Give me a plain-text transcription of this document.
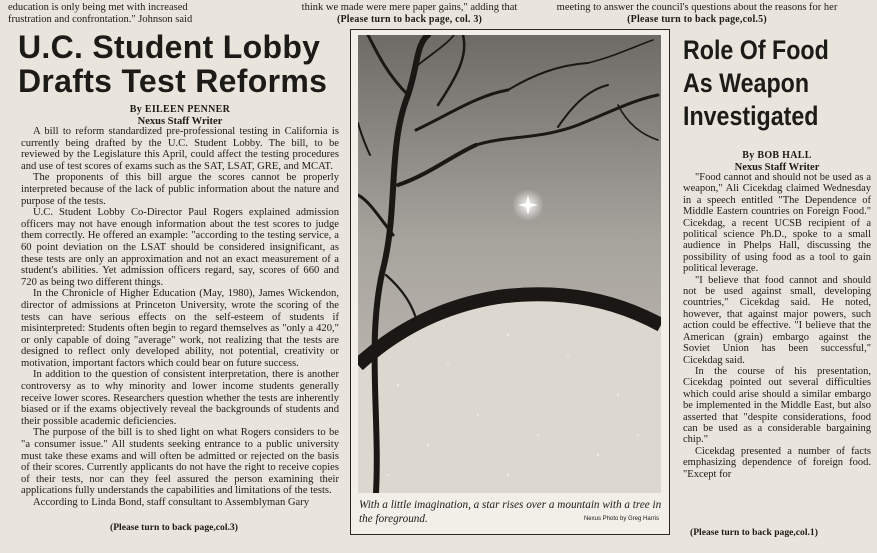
education is only being met with increased
frustration and confrontation." Johnson said
think we made were mere paper gains," adding that
(Please turn to back page, col. 3)
meeting to answer the council's questions about the reasons for her
(Please turn to back page,col.5)
U.C. Student Lobby
Drafts Test Reforms
By EILEEN PENNER
Nexus Staff Writer

A bill to reform standardized pre-professional testing in California is currently being drafted by the U.C. Student Lobby. The bill, to be reviewed by the Legislature this April, could affect the testing procedures and use of test scores of exams such as the SAT, LSAT, GRE, and MCAT.

The proponents of this bill argue the scores cannot be properly interpreted because of the lack of public information about the nature and purpose of the tests.

U.C. Student Lobby Co-Director Paul Rogers explained admission officers may not have enough information about the test scores to judge them correctly. He offered an example: "according to the testing service, a 60 point deviation on the LSAT should be considered insignificant, as these tests are only an approximation and not an exact measurement of a student's abilities. Yet admission officers regard, say, scores of 660 and 720 as being two different things.

In the Chronicle of Higher Education (May, 1980), James Wickendon, director of admissions at Princeton University, wrote the scoring of the tests can have serious effects on the self-esteem of students if misinterpreted: Students often begin to regard themselves as "only a 420," or only capable of doing "average" work, not realizing that the tests are designed to reflect only developed ability, not potential, creativity or motivation, important factors which could bear on future success.

In addition to the question of consistent interpretation, there is another controversy as to why minority and lower income students generally receive lower scores. Researchers question whether the tests are inherently biased or if the exams objectively reveal the backgrounds of students and their possible academic deficiencies.

The purpose of the bill is to shed light on what Rogers considers to be "a consumer issue." All students seeking entrance to a public university must take these exams and will often be admitted or rejected on the basis of their scores. Currently applicants do not have the right to receive copies of their tests, nor can they feel assured the person examining their applications fully understands the capabilities and limitations of the tests.

According to Linda Bond, staff consultant to Assemblyman Gary

(Please turn to back page,col.3)
With a little imagination, a star rises over a mountain with a tree in the foreground.	Nexus Photo by Greg Harris
Role Of Food
As Weapon
Investigated
By BOB HALL
Nexus Staff Writer

"Food cannot and should not be used as a weapon," Ali Cicekdag claimed Wednesday in a speech entitled "The Dependence of Middle Eastern countries on Foreign Food." Cicekdag, a recent UCSB recipient of a political science Ph.D., spoke to a small audience in Phelps Hall, discussing the possibility of using food as a tool to gain political leverage.

"I believe that food cannot and should not be used against small, developing countries," Cicekdag said. He noted, however, that against major powers, such action could be effective. "I believe that the American (grain) embargo against the Soviet Union has been successful," Cicekdag said.

In the course of his presentation, Cicekdag pointed out several difficulties which could arise should a similar embargo be implemented in the Middle East, but also asserted that "despite considerations, food can be used as a considerable bargaining chip."

Cicekdag presented a number of facts emphasizing dependence of foreign food. "Except for

(Please turn to back page,col.1)
